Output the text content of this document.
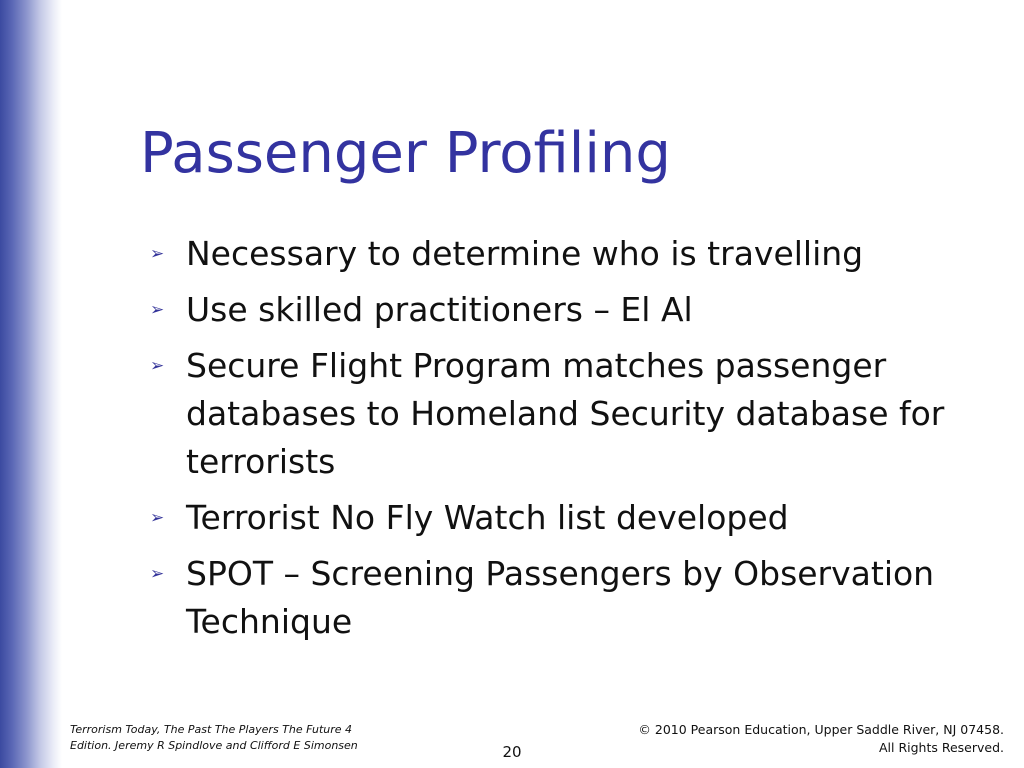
Passenger Profiling
➢ Necessary to determine who is travelling
➢ Use skilled practitioners – El Al
➢ Secure Flight Program matches passenger databases to Homeland Security database for terrorists
➢ Terrorist No Fly Watch list developed
➢ SPOT – Screening Passengers by Observation Technique
Terrorism Today, The Past The Players The Future 4
Edition. Jeremy R Spindlove and Clifford E Simonsen	20
© 2010 Pearson Education, Upper Saddle River, NJ 07458.
All Rights Reserved.
